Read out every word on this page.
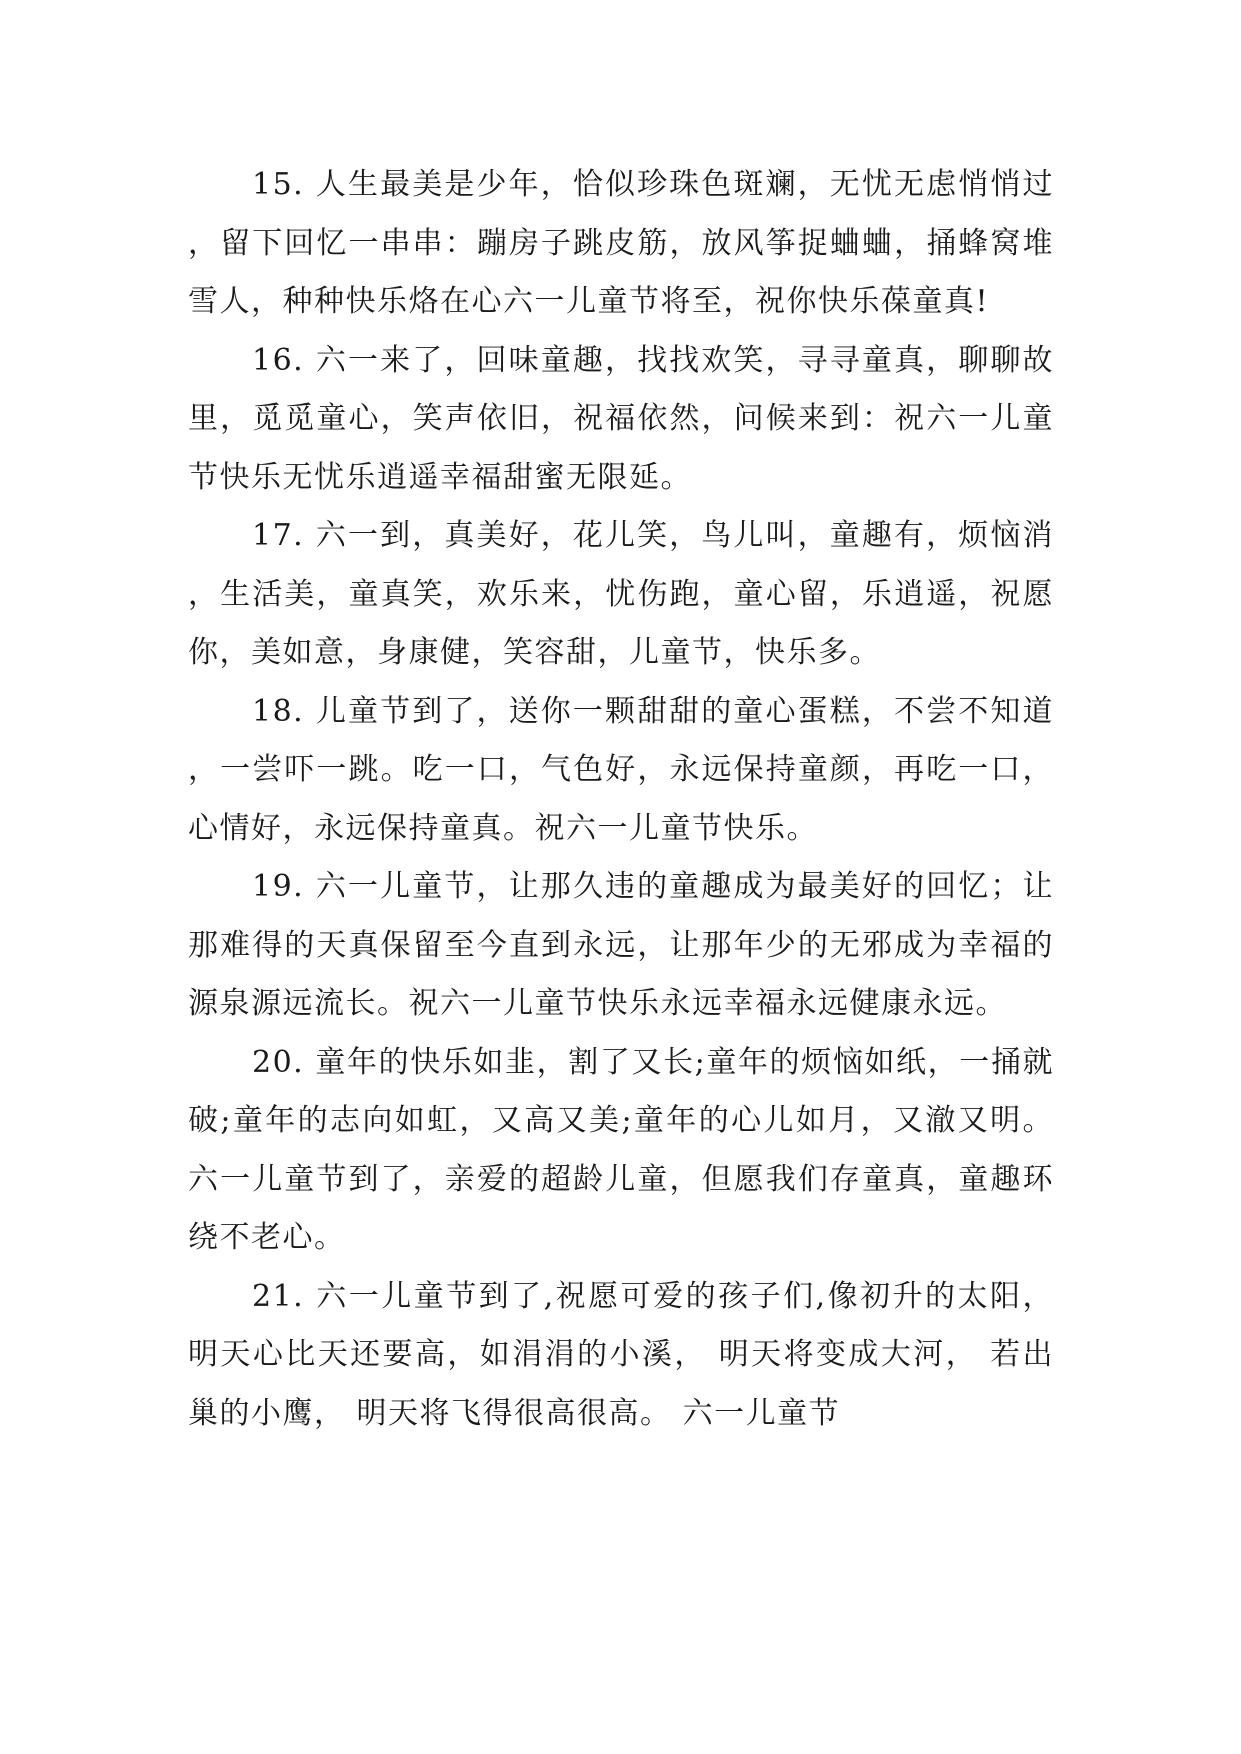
15. 人生最美是少年，恰似珍珠色斑斓，无忧无虑悄悄过，留下回忆一串串：蹦房子跳皮筋，放风筝捉蛐蛐，捅蜂窝堆雪人，种种快乐烙在心六一儿童节将至，祝你快乐葆童真!

16. 六一来了，回味童趣，找找欢笑，寻寻童真，聊聊故里，觅觅童心，笑声依旧，祝福依然，问候来到：祝六一儿童节快乐无忧乐逍遥幸福甜蜜无限延。

17. 六一到，真美好，花儿笑，鸟儿叫，童趣有，烦恼消，生活美，童真笑，欢乐来，忧伤跑，童心留，乐逍遥，祝愿你，美如意，身康健，笑容甜，儿童节，快乐多。

18. 儿童节到了，送你一颗甜甜的童心蛋糕，不尝不知道，一尝吓一跳。吃一口，气色好，永远保持童颜，再吃一口，心情好，永远保持童真。祝六一儿童节快乐。

19. 六一儿童节，让那久违的童趣成为最美好的回忆；让那难得的天真保留至今直到永远，让那年少的无邪成为幸福的源泉源远流长。祝六一儿童节快乐永远幸福永远健康永远。

20. 童年的快乐如韭，割了又长;童年的烦恼如纸，一捅就破;童年的志向如虹，又高又美;童年的心儿如月，又澈又明。六一儿童节到了，亲爱的超龄儿童，但愿我们存童真，童趣环绕不老心。

21. 六一儿童节到了,祝愿可爱的孩子们,像初升的太阳， 明天心比天还要高，如涓涓的小溪， 明天将变成大河， 若出巢的小鹰， 明天将飞得很高很高。 六一儿童节
